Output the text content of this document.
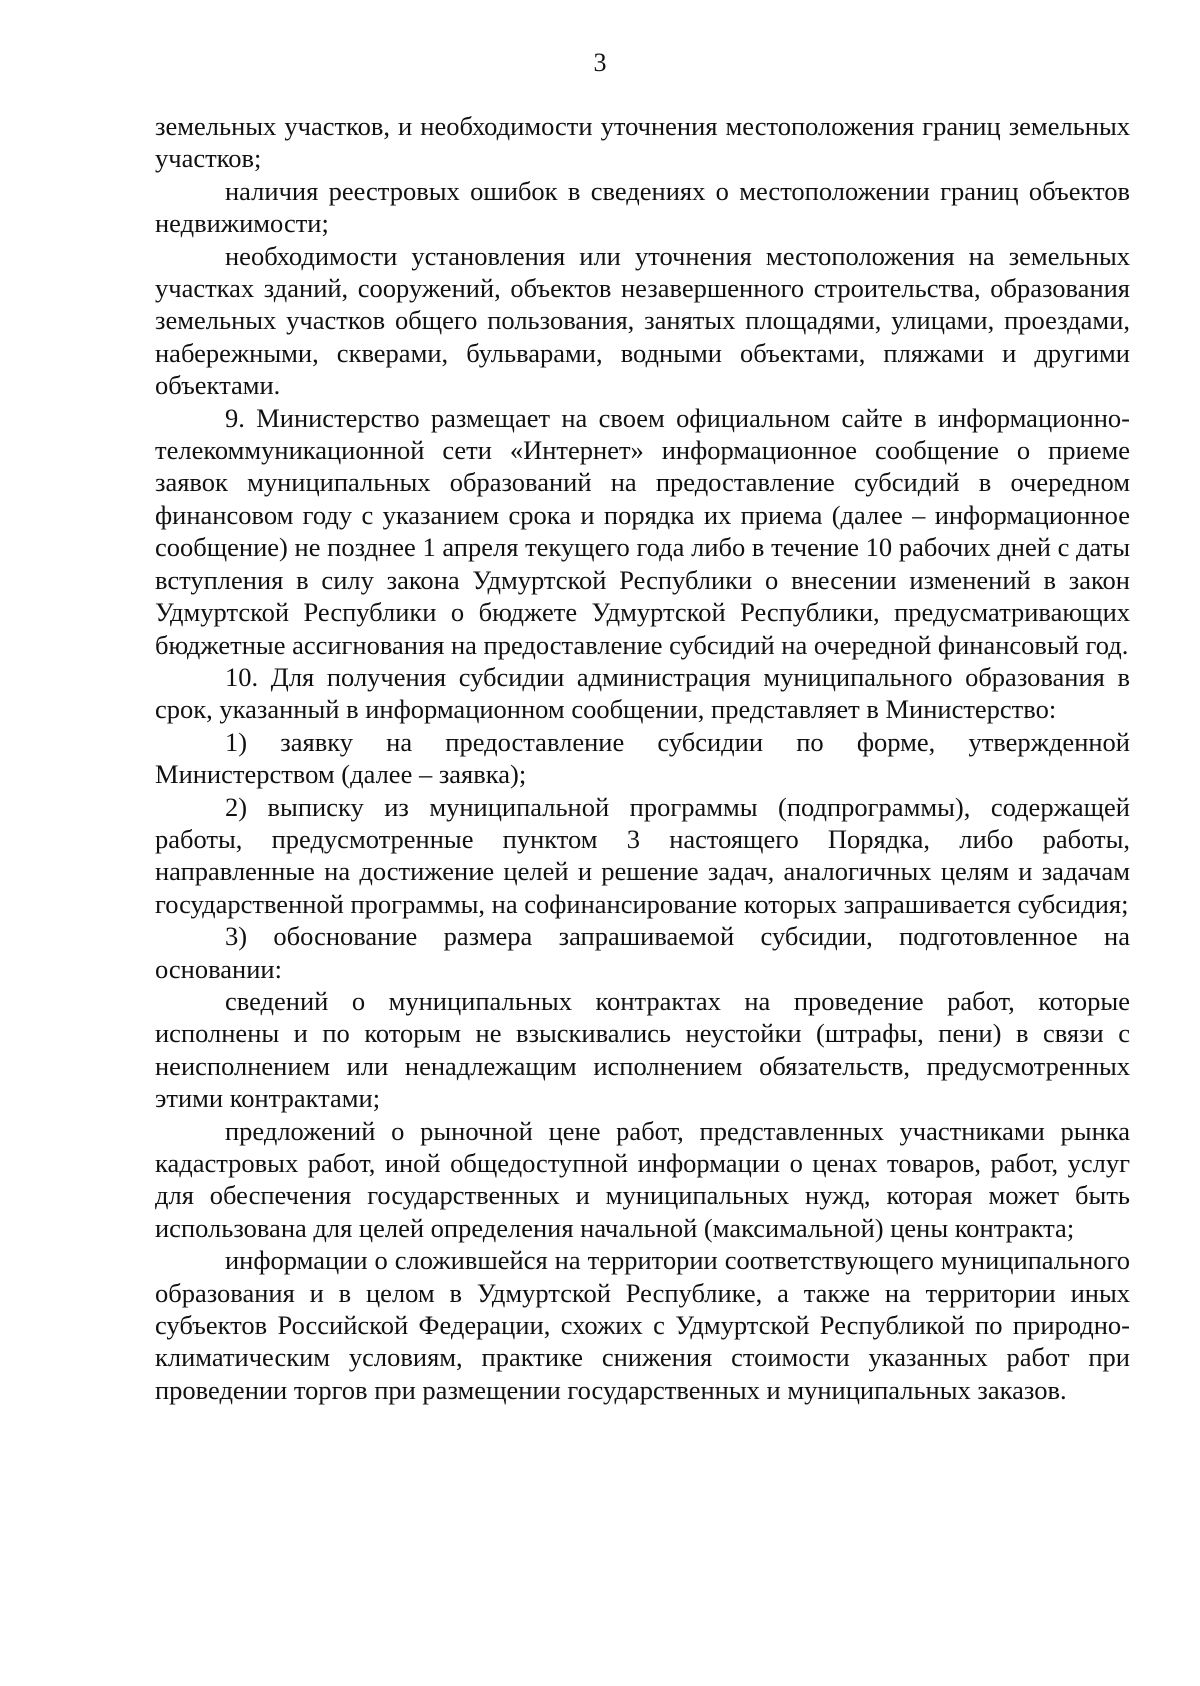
3

земельных участков, и необходимости уточнения местоположения границ земельных участков;

наличия реестровых ошибок в сведениях о местоположении границ объектов недвижимости;

необходимости установления или уточнения местоположения на земельных участках зданий, сооружений, объектов незавершенного строительства, образования земельных участков общего пользования, занятых площадями, улицами, проездами, набережными, скверами, бульварами, водными объектами, пляжами и другими объектами.

9. Министерство размещает на своем официальном сайте в информационно-телекоммуникационной сети «Интернет» информационное сообщение о приеме заявок муниципальных образований на предоставление субсидий в очередном финансовом году с указанием срока и порядка их приема (далее – информационное сообщение) не позднее 1 апреля текущего года либо в течение 10 рабочих дней с даты вступления в силу закона Удмуртской Республики о внесении изменений в закон Удмуртской Республики о бюджете Удмуртской Республики, предусматривающих бюджетные ассигнования на предоставление субсидий на очередной финансовый год.

10. Для получения субсидии администрация муниципального образования в срок, указанный в информационном сообщении, представляет в Министерство:

1) заявку на предоставление субсидии по форме, утвержденной Министерством (далее – заявка);

2) выписку из муниципальной программы (подпрограммы), содержащей работы, предусмотренные пунктом 3 настоящего Порядка, либо работы, направленные на достижение целей и решение задач, аналогичных целям и задачам государственной программы, на софинансирование которых запрашивается субсидия;

3) обоснование размера запрашиваемой субсидии, подготовленное на основании:

сведений о муниципальных контрактах на проведение работ, которые исполнены и по которым не взыскивались неустойки (штрафы, пени) в связи с неисполнением или ненадлежащим исполнением обязательств, предусмотренных этими контрактами;

предложений о рыночной цене работ, представленных участниками рынка кадастровых работ, иной общедоступной информации о ценах товаров, работ, услуг для обеспечения государственных и муниципальных нужд, которая может быть использована для целей определения начальной (максимальной) цены контракта;

информации о сложившейся на территории соответствующего муниципального образования и в целом в Удмуртской Республике, а также на территории иных субъектов Российской Федерации, схожих с Удмуртской Республикой по природно-климатическим условиям, практике снижения стоимости указанных работ при проведении торгов при размещении государственных и муниципальных заказов.
